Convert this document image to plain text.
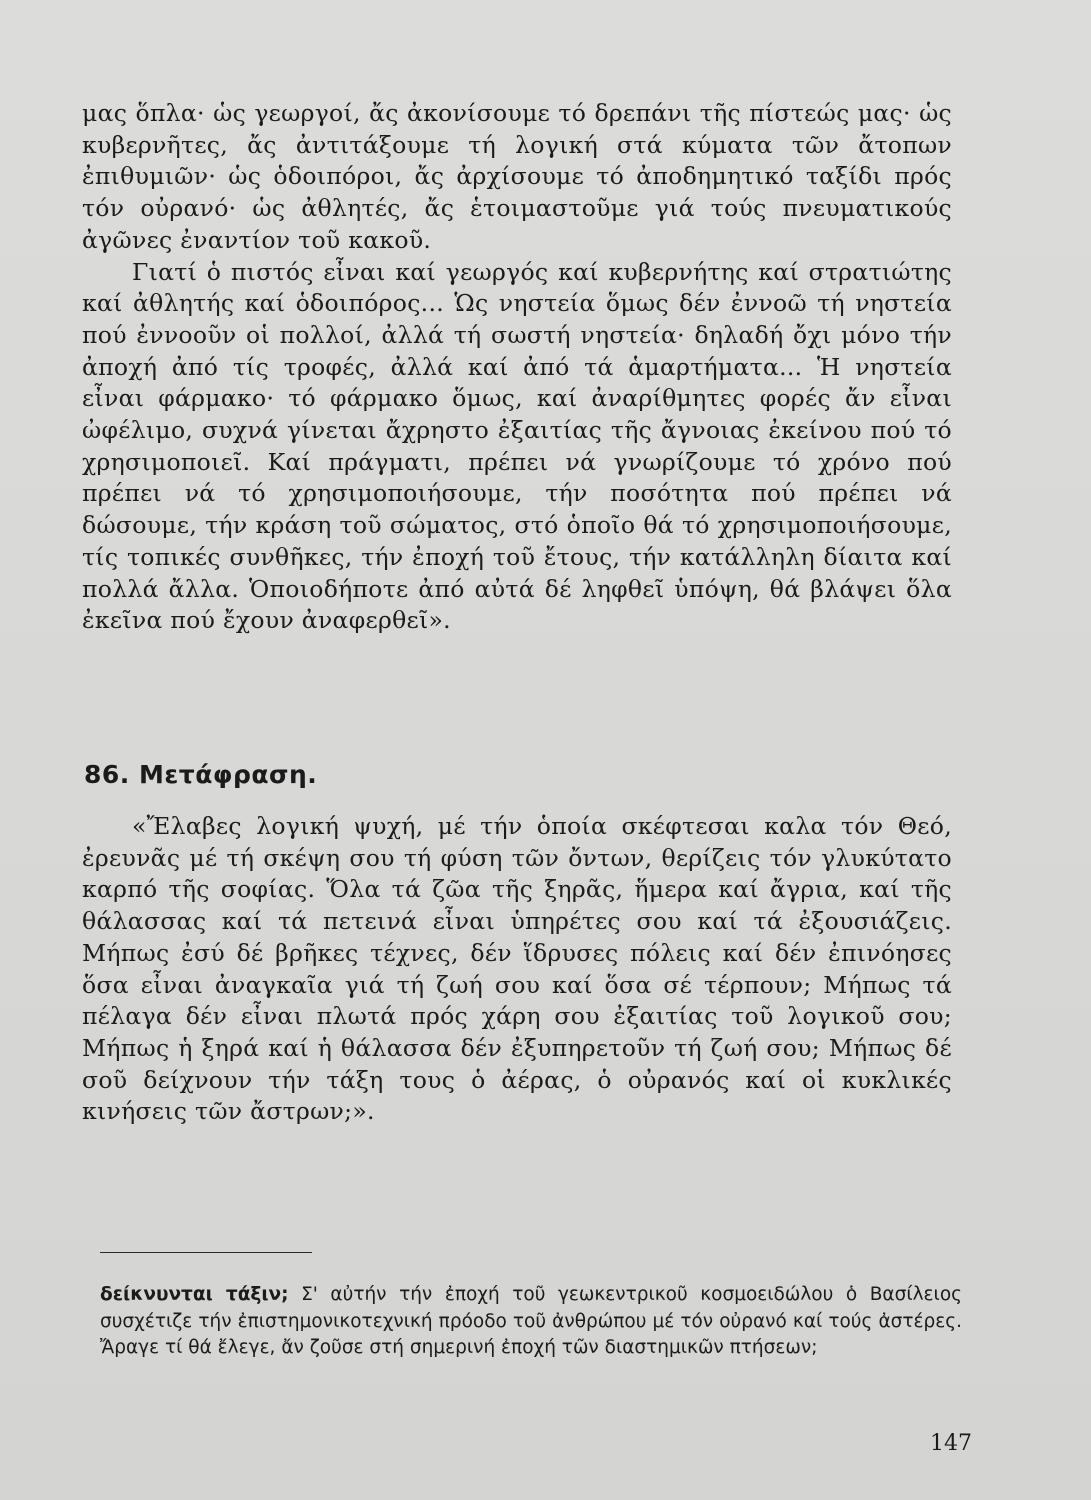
μας ὅπλα· ὡς γεωργοί, ἄς ἀκονίσουμε τό δρεπάνι τῆς πίστεώς μας· ὡς κυβερνῆτες, ἄς ἀντιτάξουμε τή λογική στά κύματα τῶν ἄτοπων ἐπιθυμιῶν· ὡς ὁδοιπόροι, ἄς ἀρχίσουμε τό ἀποδημητικό ταξίδι πρός τόν οὐρανό· ὡς ἀθλητές, ἄς ἑτοιμαστοῦμε γιά τούς πνευματικούς ἀγῶνες ἐναντίον τοῦ κακοῦ.

Γιατί ὁ πιστός εἶναι καί γεωργός καί κυβερνήτης καί στρατιώτης καί ἀθλητής καί ὁδοιπόρος... Ὡς νηστεία ὅμως δέν ἐννοῶ τή νηστεία πού ἐννοοῦν οἱ πολλοί, ἀλλά τή σωστή νηστεία· δηλαδή ὄχι μόνο τήν ἀποχή ἀπό τίς τροφές, ἀλλά καί ἀπό τά ἁμαρτήματα... Ἡ νηστεία εἶναι φάρμακο· τό φάρμακο ὅμως, καί ἀναρίθμητες φορές ἄν εἶναι ὠφέλιμο, συχνά γίνεται ἄχρηστο ἐξαιτίας τῆς ἄγνοιας ἐκείνου πού τό χρησιμοποιεῖ. Καί πράγματι, πρέπει νά γνωρίζουμε τό χρόνο πού πρέπει νά τό χρησιμοποιήσουμε, τήν ποσότητα πού πρέπει νά δώσουμε, τήν κράση τοῦ σώματος, στό ὁποῖο θά τό χρησιμοποιήσουμε, τίς τοπικές συνθῆκες, τήν ἐποχή τοῦ ἔτους, τήν κατάλληλη δίαιτα καί πολλά ἄλλα. Ὁποιοδήποτε ἀπό αὐτά δέ ληφθεῖ ὑπόψη, θά βλάψει ὅλα ἐκεῖνα πού ἔχουν ἀναφερθεῖ».

86. Μετάφραση.

«Ἔλαβες λογική ψυχή, μέ τήν ὁποία σκέφτεσαι καλα τόν Θεό, ἐρευνᾶς μέ τή σκέψη σου τή φύση τῶν ὄντων, θερίζεις τόν γλυκύτατο καρπό τῆς σοφίας. Ὅλα τά ζῶα τῆς ξηρᾶς, ἥμερα καί ἄγρια, καί τῆς θάλασσας καί τά πετεινά εἶναι ὑπηρέτες σου καί τά ἐξουσιάζεις. Μήπως ἐσύ δέ βρῆκες τέχνες, δέν ἵδρυσες πόλεις καί δέν ἐπινόησες ὅσα εἶναι ἀναγκαῖα γιά τή ζωή σου καί ὅσα σέ τέρπουν; Μήπως τά πέλαγα δέν εἶναι πλωτά πρός χάρη σου ἐξαιτίας τοῦ λογικοῦ σου; Μήπως ἡ ξηρά καί ἡ θάλασσα δέν ἐξυπηρετοῦν τή ζωή σου; Μήπως δέ σοῦ δείχνουν τήν τάξη τους ὁ ἀέρας, ὁ οὐρανός καί οἱ κυκλικές κινήσεις τῶν ἄστρων;».

δείκνυνται τάξιν; Σ' αὐτήν τήν ἐποχή τοῦ γεωκεντρικοῦ κοσμοειδώλου ὁ Βασίλειος συσχέτιζε τήν ἐπιστημονικοτεχνική πρόοδο τοῦ ἀνθρώπου μέ τόν οὐρανό καί τούς ἀστέρες. Ἄραγε τί θά ἔλεγε, ἄν ζοῦσε στή σημερινή ἐποχή τῶν διαστημικῶν πτήσεων;
147
